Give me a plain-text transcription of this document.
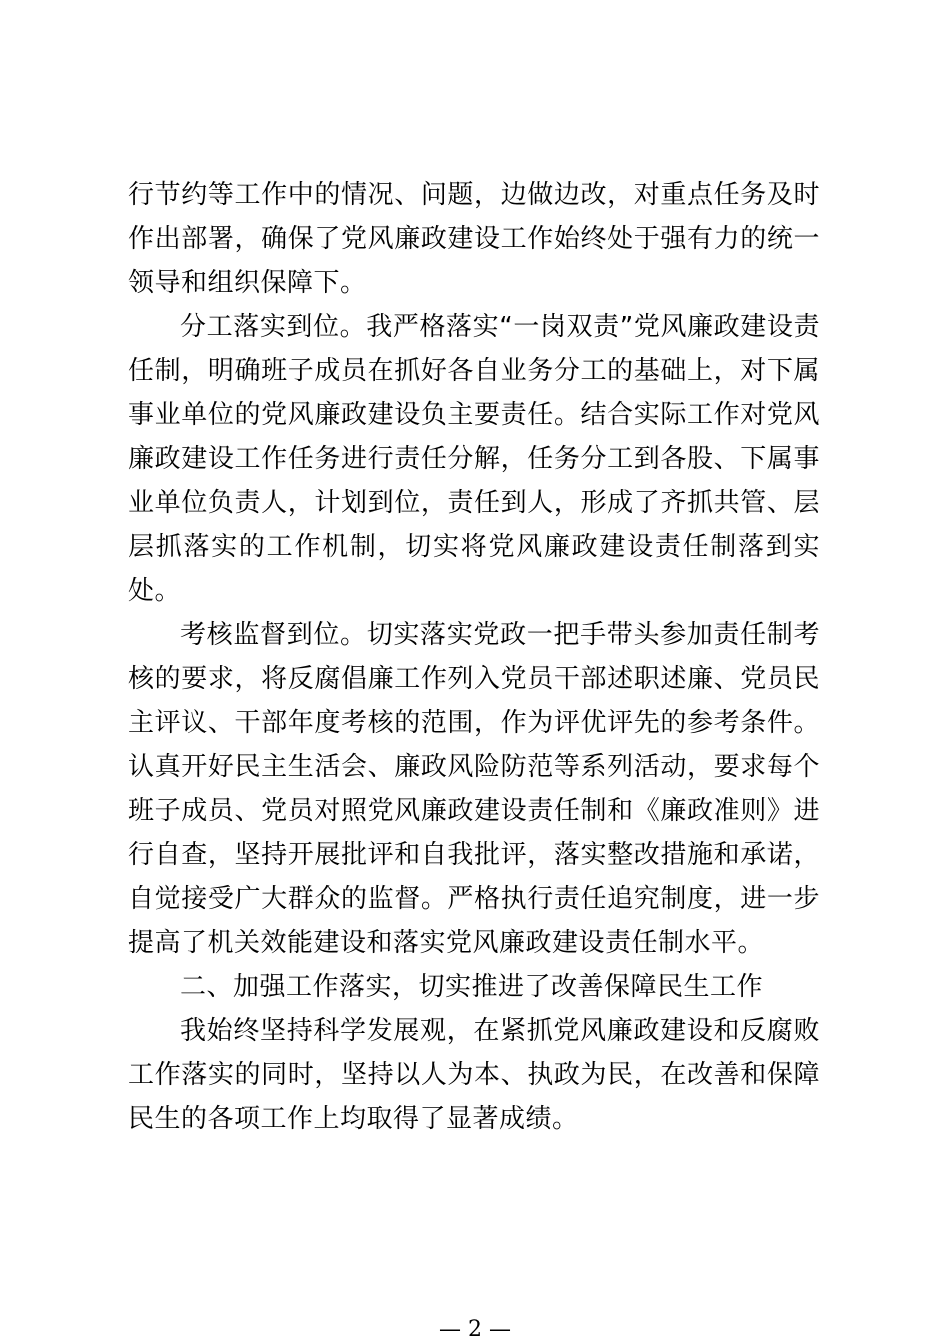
行节约等工作中的情况、问题，边做边改，对重点任务及时作出部署，确保了党风廉政建设工作始终处于强有力的统一领导和组织保障下。

分工落实到位。我严格落实“一岗双责”党风廉政建设责任制，明确班子成员在抓好各自业务分工的基础上，对下属事业单位的党风廉政建设负主要责任。结合实际工作对党风廉政建设工作任务进行责任分解，任务分工到各股、下属事业单位负责人，计划到位，责任到人，形成了齐抓共管、层层抓落实的工作机制，切实将党风廉政建设责任制落到实处。

考核监督到位。切实落实党政一把手带头参加责任制考核的要求，将反腐倡廉工作列入党员干部述职述廉、党员民主评议、干部年度考核的范围，作为评优评先的参考条件。认真开好民主生活会、廉政风险防范等系列活动，要求每个班子成员、党员对照党风廉政建设责任制和《廉政准则》进行自查，坚持开展批评和自我批评，落实整改措施和承诺，自觉接受广大群众的监督。严格执行责任追究制度，进一步提高了机关效能建设和落实党风廉政建设责任制水平。

二、加强工作落实，切实推进了改善保障民生工作

我始终坚持科学发展观，在紧抓党风廉政建设和反腐败工作落实的同时，坚持以人为本、执政为民，在改善和保障民生的各项工作上均取得了显著成绩。

— 2 —
